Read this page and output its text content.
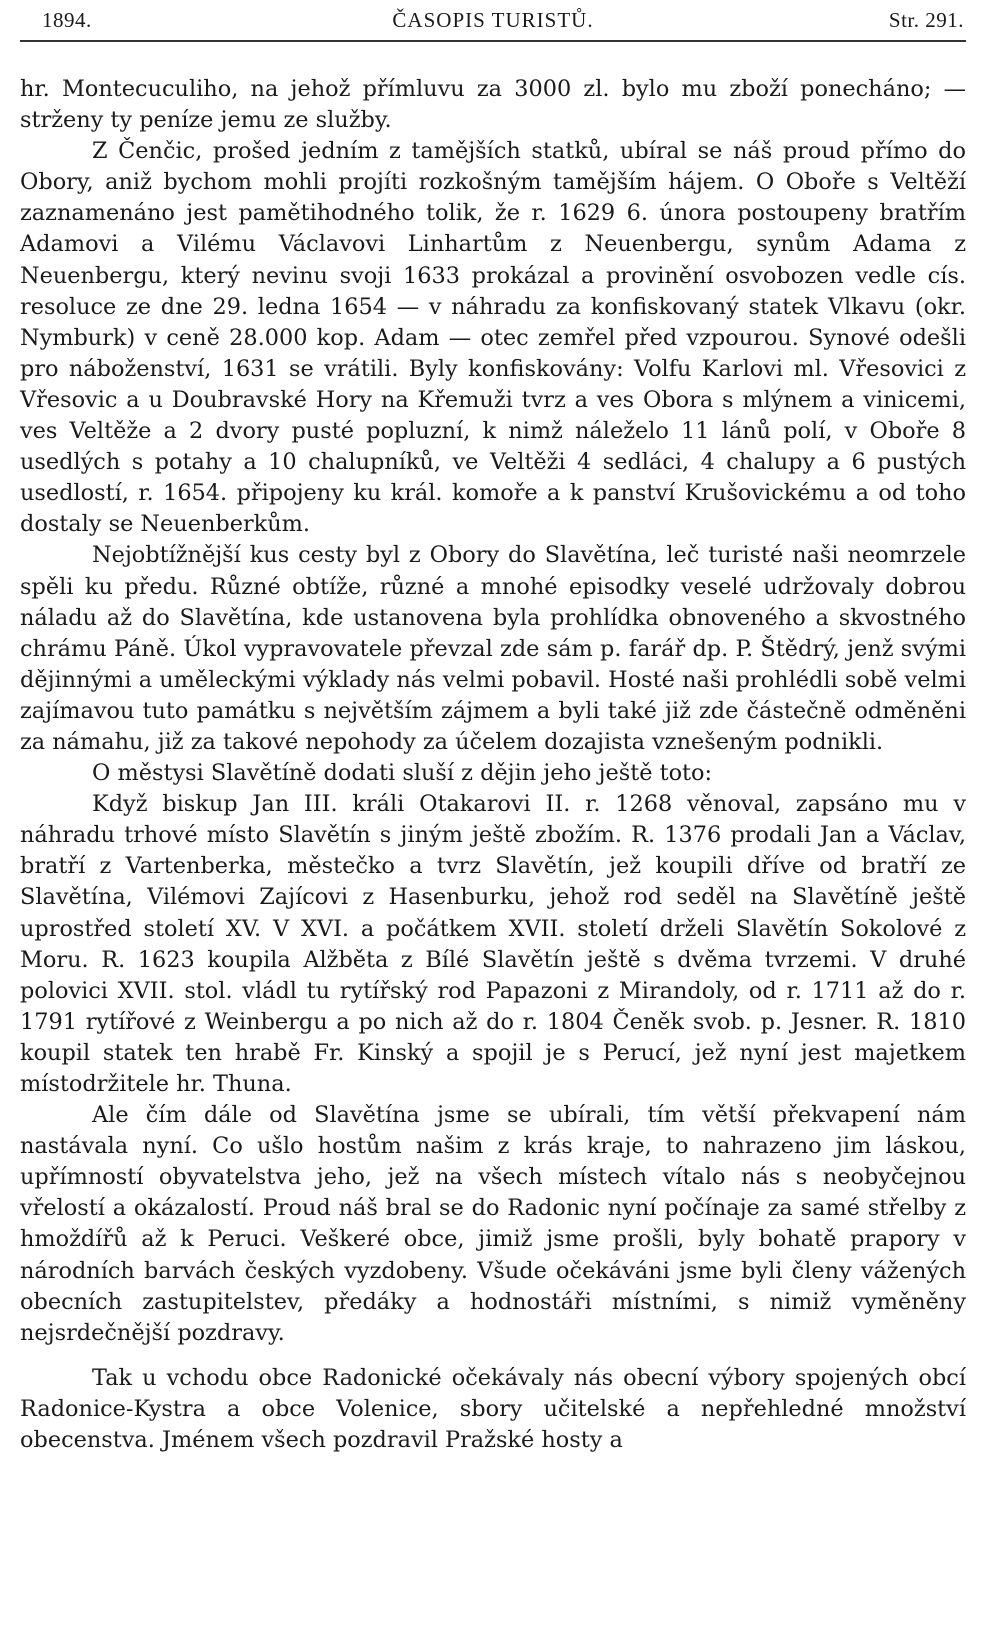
1894.	ČASOPIS TURISTŮ.	Str. 291.

hr. Montecuculiho, na jehož přímluvu za 3000 zl. bylo mu zboží ponecháno; — strženy ty peníze jemu ze služby.

Z Čenčic, prošed jedním z tamějších statků, ubíral se náš proud přímo do Obory, aniž bychom mohli projíti rozkošným tamějším hájem. O Oboře s Veltěží zaznamenáno jest pamětihodného tolik, že r. 1629 6. února postoupeny bratřím Adamovi a Vilému Václavovi Linhartům z Neuenbergu, synům Adama z Neuenbergu, který nevinu svoji 1633 prokázal a provinění osvobozen vedle cís. resoluce ze dne 29. ledna 1654 — v náhradu za konfiskovaný statek Vlkavu (okr. Nymburk) v ceně 28.000 kop. Adam — otec zemřel před vzpourou. Synové odešli pro náboženství, 1631 se vrátili. Byly konfiskovány: Volfu Karlovi ml. Vřesovici z Vřesovic a u Doubravské Hory na Křemuži tvrz a ves Obora s mlýnem a vinicemi, ves Veltěže a 2 dvory pusté popluzní, k nimž náleželo 11 lánů polí, v Oboře 8 usedlých s potahy a 10 chalupníků, ve Veltěži 4 sedláci, 4 chalupy a 6 pustých usedlostí, r. 1654. připojeny ku král. komoře a k panství Krušovickému a od toho dostaly se Neuenberkům.

Nejobtížnější kus cesty byl z Obory do Slavětína, leč turisté naši neomrzele spěli ku předu. Různé obtíže, různé a mnohé episodky veselé udržovaly dobrou náladu až do Slavětína, kde ustanovena byla prohlídka obnoveného a skvostného chrámu Páně. Úkol vypravovatele převzal zde sám p. farář dp. P. Štědrý, jenž svými dějinnými a uměleckými výklady nás velmi pobavil. Hosté naši prohlédli sobě velmi zajímavou tuto památku s největším zájmem a byli také již zde částečně odměněni za námahu, již za takové nepohody za účelem dozajista vznešeným podnikli.

O městysi Slavětíně dodati sluší z dějin jeho ještě toto:

Když biskup Jan III. králi Otakarovi II. r. 1268 věnoval, zapsáno mu v náhradu trhové místo Slavětín s jiným ještě zbožím. R. 1376 prodali Jan a Václav, bratří z Vartenberka, městečko a tvrz Slavětín, jež koupili dříve od bratří ze Slavětína, Vilémovi Zajícovi z Hasenburku, jehož rod seděl na Slavětíně ještě uprostřed století XV. V XVI. a počátkem XVII. století drželi Slavětín Sokolové z Moru. R. 1623 koupila Alžběta z Bílé Slavětín ještě s dvěma tvrzemi. V druhé polovici XVII. stol. vládl tu rytířský rod Papazoni z Mirandoly, od r. 1711 až do r. 1791 rytířové z Weinbergu a po nich až do r. 1804 Čeněk svob. p. Jesner. R. 1810 koupil statek ten hrabě Fr. Kinský a spojil je s Perucí, jež nyní jest majetkem místodržitele hr. Thuna.

Ale čím dále od Slavětína jsme se ubírali, tím větší překvapení nám nastávala nyní. Co ušlo hostům našim z krás kraje, to nahrazeno jim láskou, upřímností obyvatelstva jeho, jež na všech místech vítalo nás s neobyčejnou vřelostí a okázalostí. Proud náš bral se do Radonic nyní počínaje za samé střelby z hmoždířů až k Peruci. Veškeré obce, jimiž jsme prošli, byly bohatě prapory v národních barvách českých vyzdobeny. Všude očekáváni jsme byli členy vážených obecních zastupitelstev, předáky a hodnostáři místními, s nimiž vyměněny nejsrdečnější pozdravy.

Tak u vchodu obce Radonické očekávaly nás obecní výbory spojených obcí Radonice-Kystra a obce Volenice, sbory učitelské a nepřehledné množství obecenstva. Jménem všech pozdravil Pražské hosty a
